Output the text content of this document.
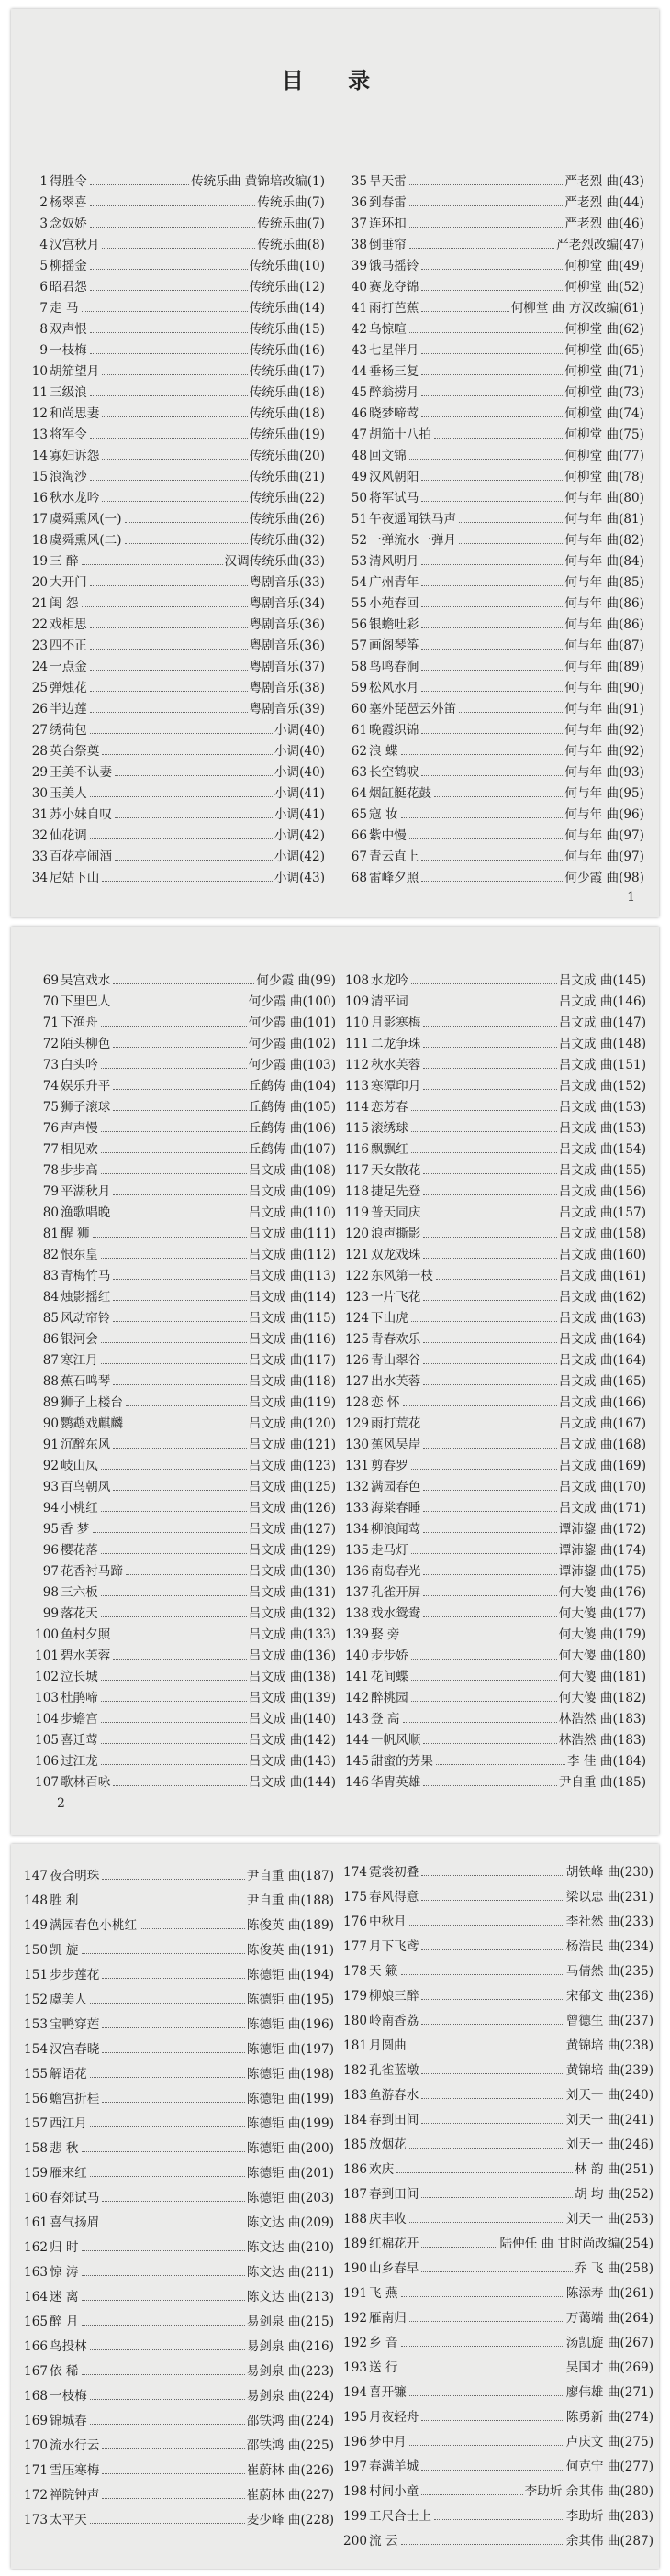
目 录
1 得胜令	传统乐曲 黄锦培改编(1)
2 杨翠喜	传统乐曲(7)
3 念奴娇	传统乐曲(7)
4 汉宫秋月	传统乐曲(8)
5 柳摇金	传统乐曲(10)
6 昭君怨	传统乐曲(12)
7 走 马	传统乐曲(14)
8 双声恨	传统乐曲(15)
9 一枝梅	传统乐曲(16)
10 胡笳望月	传统乐曲(17)
11 三级浪	传统乐曲(18)
12 和尚思妻	传统乐曲(18)
13 将军令	传统乐曲(19)
14 寡妇诉怨	传统乐曲(20)
15 浪淘沙	传统乐曲(21)
16 秋水龙吟	传统乐曲(22)
17 虞舜熏风(一)	传统乐曲(26)
18 虞舜熏风(二)	传统乐曲(32)
19 三 醉	汉调传统乐曲(33)
20 大开门	粤剧音乐(33)
21 闺 怨	粤剧音乐(34)
22 戏相思	粤剧音乐(36)
23 四不正	粤剧音乐(36)
24 一点金	粤剧音乐(37)
25 弹烛花	粤剧音乐(38)
26 半边莲	粤剧音乐(39)
27 绣荷包	小调(40)
28 英台祭奠	小调(40)
29 王美不认妻	小调(40)
30 玉美人	小调(41)
31 苏小妹自叹	小调(41)
32 仙花调	小调(42)
33 百花亭闹酒	小调(42)
34 尼姑下山	小调(43)
35 旱天雷	严老烈 曲(43)
36 到春雷	严老烈 曲(44)
37 连环扣	严老烈 曲(46)
38 倒垂帘	严老烈改编(47)
39 饿马摇铃	何柳堂 曲(49)
40 赛龙夺锦	何柳堂 曲(52)
41 雨打芭蕉	何柳堂 曲 方汉改编(61)
42 乌惊喧	何柳堂 曲(62)
43 七星伴月	何柳堂 曲(65)
44 垂杨三复	何柳堂 曲(71)
45 醉翁捞月	何柳堂 曲(73)
46 晓梦啼莺	何柳堂 曲(74)
47 胡笳十八拍	何柳堂 曲(75)
48 回文锦	何柳堂 曲(77)
49 汉风朝阳	何柳堂 曲(78)
50 将军试马	何与年 曲(80)
51 午夜遥闻铁马声	何与年 曲(81)
52 一弹流水一弹月	何与年 曲(82)
53 清风明月	何与年 曲(84)
54 广州青年	何与年 曲(85)
55 小苑春回	何与年 曲(86)
56 银蟾吐彩	何与年 曲(86)
57 画阁琴筝	何与年 曲(87)
58 鸟鸣春涧	何与年 曲(89)
59 松风水月	何与年 曲(90)
60 塞外琵琶云外笛	何与年 曲(91)
61 晚霞织锦	何与年 曲(92)
62 浪 蝶	何与年 曲(92)
63 长空鹤唳	何与年 曲(93)
64 烟缸艇花鼓	何与年 曲(95)
65 寇 妆	何与年 曲(96)
66 紫中慢	何与年 曲(97)
67 青云直上	何与年 曲(97)
68 雷峰夕照	何少霞 曲(98)
1
69 吴宫戏水	何少霞 曲(99)
70 下里巴人	何少霞 曲(100)
71 下渔舟	何少霞 曲(101)
72 陌头柳色	何少霞 曲(102)
73 白头吟	何少霞 曲(103)
74 娱乐升平	丘鹤俦 曲(104)
75 狮子滚球	丘鹤俦 曲(105)
76 声声慢	丘鹤俦 曲(106)
77 相见欢	丘鹤俦 曲(107)
78 步步高	吕文成 曲(108)
79 平湖秋月	吕文成 曲(109)
80 渔歌唱晚	吕文成 曲(110)
81 醒 狮	吕文成 曲(111)
82 恨东皇	吕文成 曲(112)
83 青梅竹马	吕文成 曲(113)
84 烛影摇红	吕文成 曲(114)
85 风动帘铃	吕文成 曲(115)
86 银河会	吕文成 曲(116)
87 寒江月	吕文成 曲(117)
88 蕉石鸣琴	吕文成 曲(118)
89 狮子上楼台	吕文成 曲(119)
90 鹦鹉戏麒麟	吕文成 曲(120)
91 沉醉东风	吕文成 曲(121)
92 岐山凤	吕文成 曲(123)
93 百鸟朝凤	吕文成 曲(125)
94 小桃红	吕文成 曲(126)
95 香 梦	吕文成 曲(127)
96 樱花落	吕文成 曲(129)
97 花香衬马蹄	吕文成 曲(130)
98 三六板	吕文成 曲(131)
99 落花天	吕文成 曲(132)
100 鱼村夕照	吕文成 曲(133)
101 碧水芙蓉	吕文成 曲(136)
102 泣长城	吕文成 曲(138)
103 杜鹃啼	吕文成 曲(139)
104 步蟾宫	吕文成 曲(140)
105 喜迁莺	吕文成 曲(142)
106 过江龙	吕文成 曲(143)
107 歌林百咏	吕文成 曲(144)
108 水龙吟	吕文成 曲(145)
109 清平词	吕文成 曲(146)
110 月影寒梅	吕文成 曲(147)
111 二龙争珠	吕文成 曲(148)
112 秋水芙蓉	吕文成 曲(151)
113 寒潭印月	吕文成 曲(152)
114 恋芳春	吕文成 曲(153)
115 滚绣球	吕文成 曲(153)
116 飘飘红	吕文成 曲(154)
117 天女散花	吕文成 曲(155)
118 捷足先登	吕文成 曲(156)
119 普天同庆	吕文成 曲(157)
120 浪声撕影	吕文成 曲(158)
121 双龙戏珠	吕文成 曲(160)
122 东风第一枝	吕文成 曲(161)
123 一片飞花	吕文成 曲(162)
124 下山虎	吕文成 曲(163)
125 青春欢乐	吕文成 曲(164)
126 青山翠谷	吕文成 曲(164)
127 出水芙蓉	吕文成 曲(165)
128 恋 怀	吕文成 曲(166)
129 雨打荒花	吕文成 曲(167)
130 蕉风吴岸	吕文成 曲(168)
131 剪春罗	吕文成 曲(169)
132 满园春色	吕文成 曲(170)
133 海棠春睡	吕文成 曲(171)
134 柳浪闻莺	谭沛鋆 曲(172)
135 走马灯	谭沛鋆 曲(174)
136 南岛春光	谭沛鋆 曲(175)
137 孔雀开屏	何大傻 曲(176)
138 戏水鸳鸯	何大傻 曲(177)
139 娶 旁	何大傻 曲(179)
140 步步娇	何大傻 曲(180)
141 花间蝶	何大傻 曲(181)
142 醉桃园	何大傻 曲(182)
143 登 高	林浩然 曲(183)
144 一帆风顺	林浩然 曲(183)
145 甜蜜的芳果	李 佳 曲(184)
146 华胄英雄	尹自重 曲(185)
2
147 夜合明珠	尹自重 曲(187)
148 胜 利	尹自重 曲(188)
149 满园春色小桃红	陈俊英 曲(189)
150 凯 旋	陈俊英 曲(191)
151 步步莲花	陈德钜 曲(194)
152 虞美人	陈德钜 曲(195)
153 宝鸭穿莲	陈德钜 曲(196)
154 汉宫春晓	陈德钜 曲(197)
155 解语花	陈德钜 曲(198)
156 蟾宫折桂	陈德钜 曲(199)
157 西江月	陈德钜 曲(199)
158 悲 秋	陈德钜 曲(200)
159 雁来红	陈德钜 曲(201)
160 春郊试马	陈德钜 曲(203)
161 喜气扬眉	陈文达 曲(209)
162 归 时	陈文达 曲(210)
163 惊 涛	陈文达 曲(211)
164 迷 离	陈文达 曲(213)
165 醉 月	易剑泉 曲(215)
166 鸟投林	易剑泉 曲(216)
167 依 稀	易剑泉 曲(223)
168 一枝梅	易剑泉 曲(224)
169 锦城春	邵铁鸿 曲(224)
170 流水行云	邵铁鸿 曲(225)
171 雪压寒梅	崔蔚林 曲(226)
172 禅院钟声	崔蔚林 曲(227)
173 太平天	麦少峰 曲(228)
174 霓裳初叠	胡铁峰 曲(230)
175 春风得意	梁以忠 曲(231)
176 中秋月	李社然 曲(233)
177 月下飞鸢	杨浩民 曲(234)
178 天 籁	马倩然 曲(235)
179 柳娘三醉	宋郁文 曲(236)
180 岭南香荔	曾德生 曲(237)
181 月圆曲	黄锦培 曲(238)
182 孔雀蓝墩	黄锦培 曲(239)
183 鱼游春水	刘天一 曲(240)
184 春到田间	刘天一 曲(241)
185 放烟花	刘天一 曲(246)
186 欢庆	林 韵 曲(251)
187 春到田间	胡 均 曲(252)
188 庆丰收	刘天一 曲(253)
189 红棉花开	陆仲任 曲 甘时尚改编(254)
190 山乡春早	乔 飞 曲(258)
191 飞 燕	陈添寿 曲(261)
192 雁南归	万蔼端 曲(264)
192 乡 音	汤凯旋 曲(267)
193 送 行	吴国才 曲(269)
194 喜开镰	廖伟雄 曲(271)
195 月夜轻舟	陈勇新 曲(274)
196 梦中月	卢庆文 曲(275)
197 春满羊城	何克宁 曲(277)
198 村间小童	李助圻 余其伟 曲(280)
199 工尺合士上	李助圻 曲(283)
200 流 云	余其伟 曲(287)
